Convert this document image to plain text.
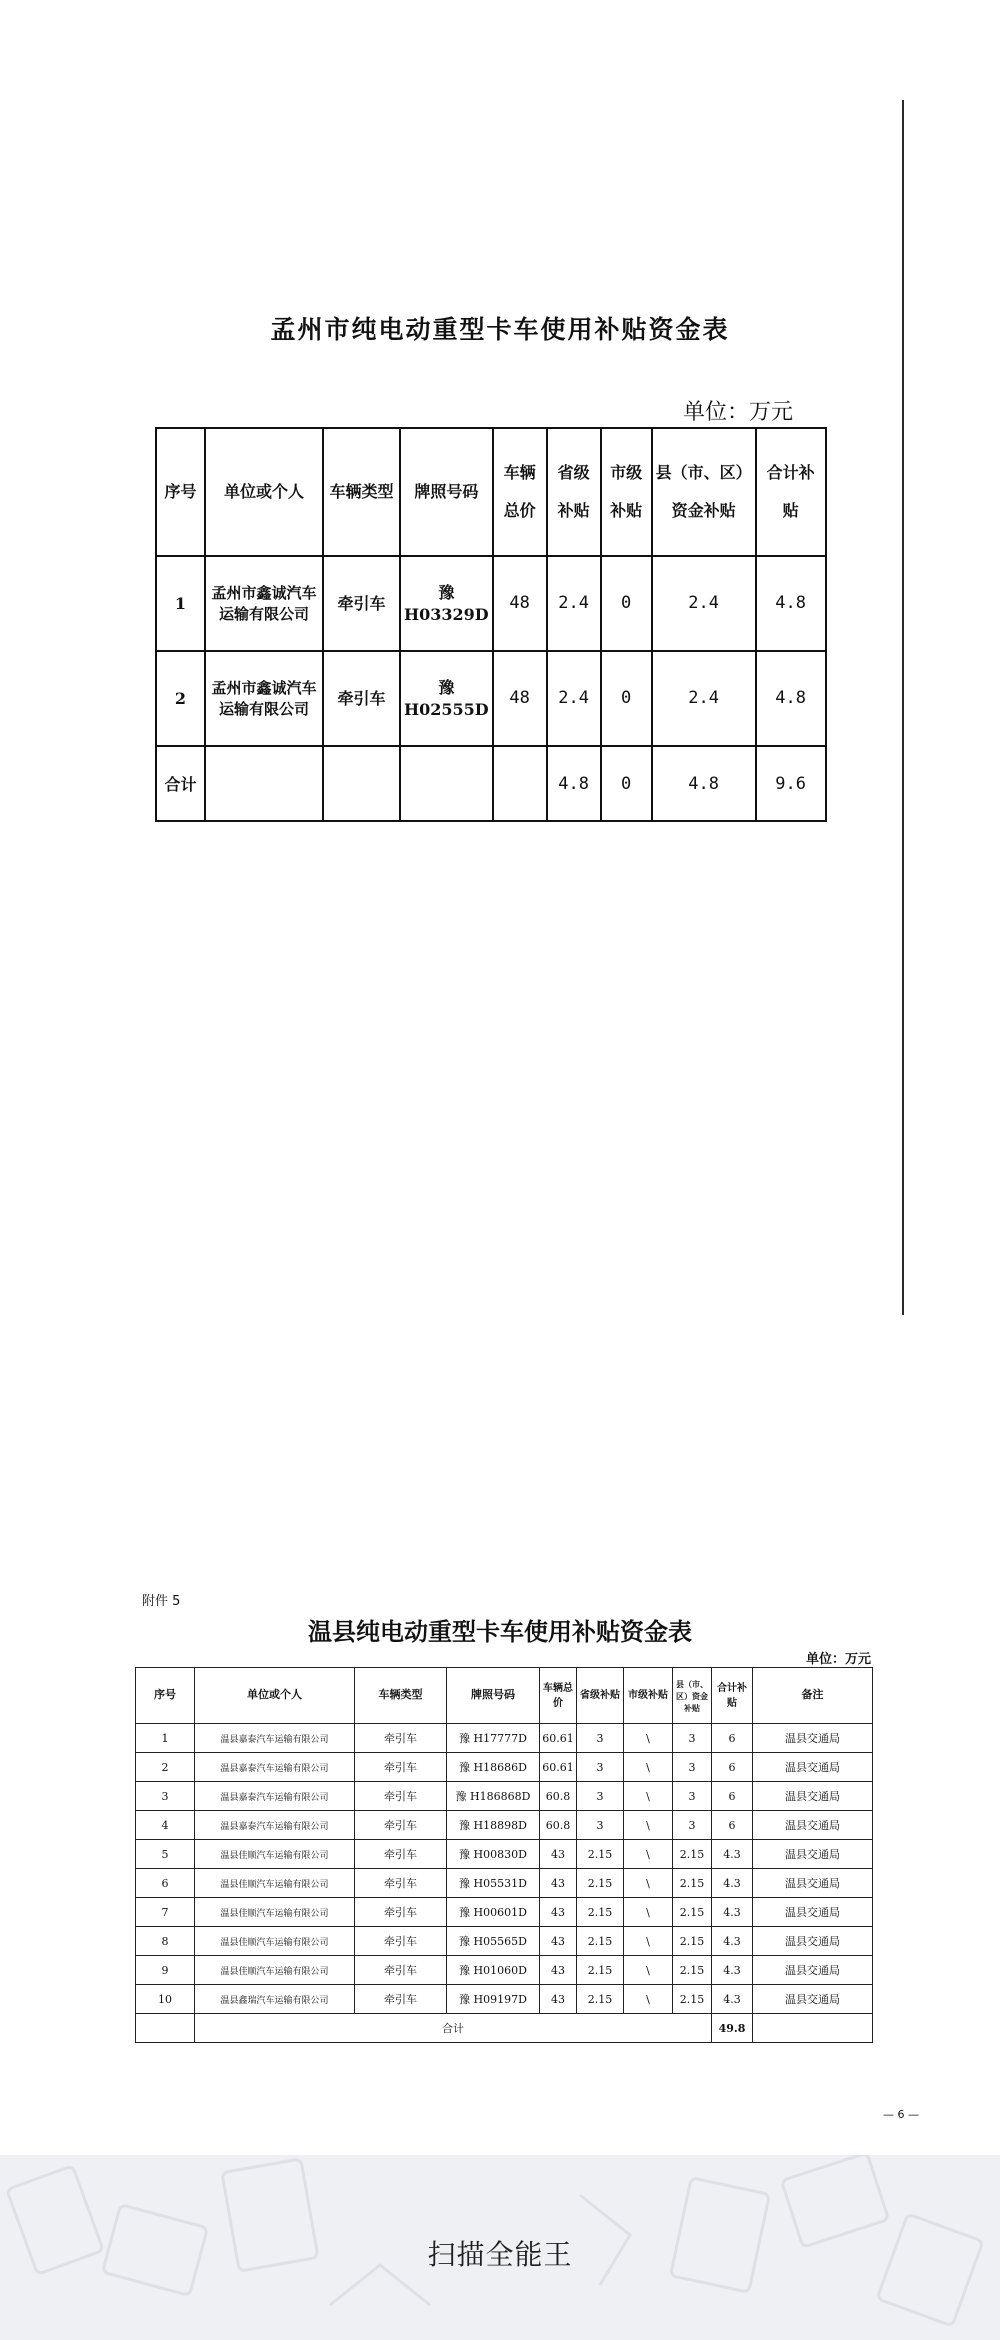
孟州市纯电动重型卡车使用补贴资金表
单位：万元
序号	单位或个人	车辆类型	牌照号码	车辆总价	省级补贴	市级补贴	县（市、区）资金补贴	合计补贴
1	孟州市鑫诚汽车运输有限公司	牵引车	豫 H03329D	48	2.4	0	2.4	4.8
2	孟州市鑫诚汽车运输有限公司	牵引车	豫 H02555D	48	2.4	0	2.4	4.8
合计					4.8	0	4.8	9.6
附件 5
温县纯电动重型卡车使用补贴资金表
单位：万元
序号	单位或个人	车辆类型	牌照号码	车辆总价	省级补贴	市级补贴	县（市、区）资金补贴	合计补贴	备注
1	温县嘉泰汽车运输有限公司	牵引车	豫 H17777D	60.61	3	\	3	6	温县交通局
2	温县嘉泰汽车运输有限公司	牵引车	豫 H18686D	60.61	3	\	3	6	温县交通局
3	温县嘉泰汽车运输有限公司	牵引车	豫 H186868D	60.8	3	\	3	6	温县交通局
4	温县嘉泰汽车运输有限公司	牵引车	豫 H18898D	60.8	3	\	3	6	温县交通局
5	温县佳顺汽车运输有限公司	牵引车	豫 H00830D	43	2.15	\	2.15	4.3	温县交通局
6	温县佳顺汽车运输有限公司	牵引车	豫 H05531D	43	2.15	\	2.15	4.3	温县交通局
7	温县佳顺汽车运输有限公司	牵引车	豫 H00601D	43	2.15	\	2.15	4.3	温县交通局
8	温县佳顺汽车运输有限公司	牵引车	豫 H05565D	43	2.15	\	2.15	4.3	温县交通局
9	温县佳顺汽车运输有限公司	牵引车	豫 H01060D	43	2.15	\	2.15	4.3	温县交通局
10	温县鑫瑞汽车运输有限公司	牵引车	豫 H09197D	43	2.15	\	2.15	4.3	温县交通局
	合计							49.8	
— 6 —
扫描全能王
